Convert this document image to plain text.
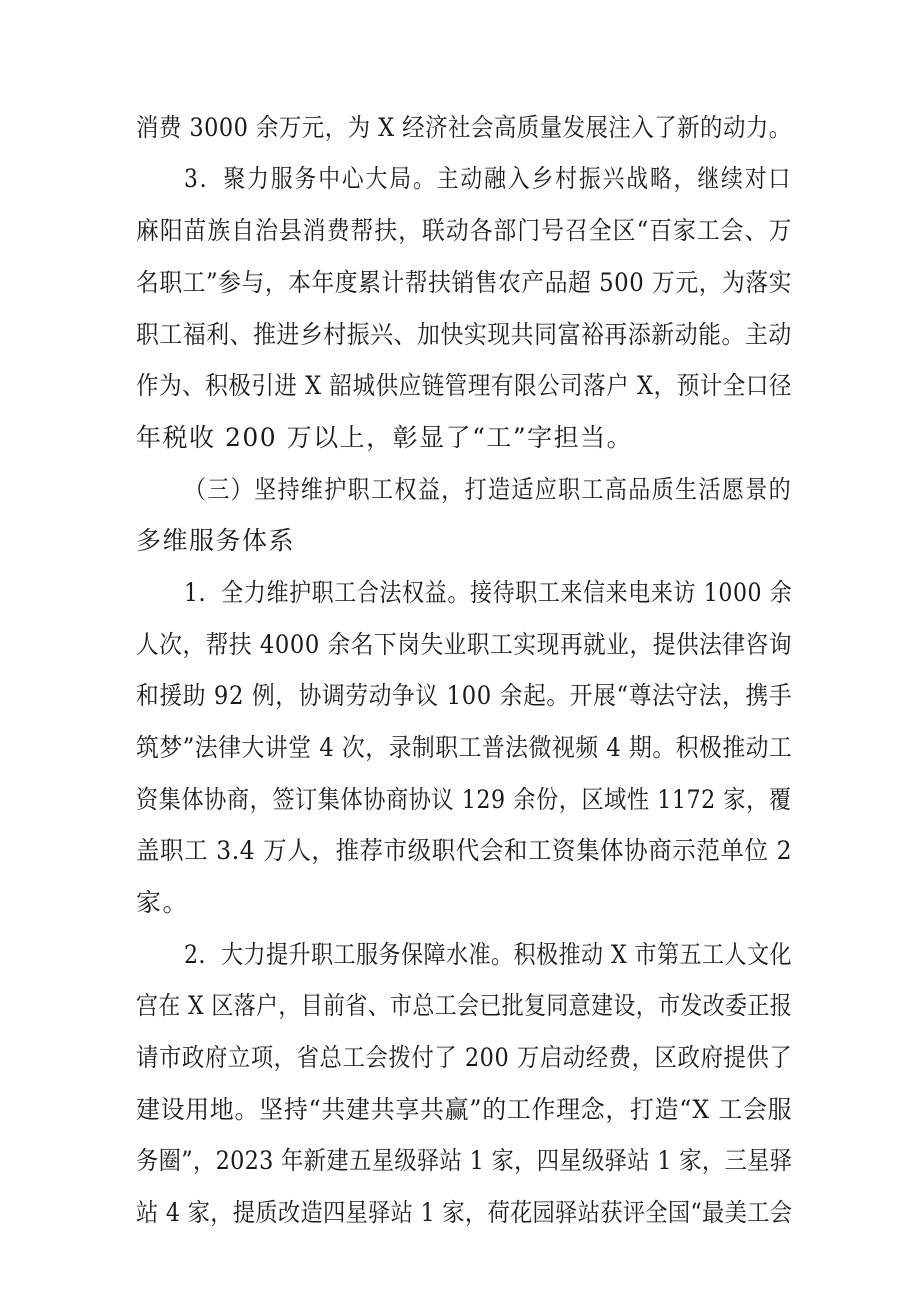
消费 3000 余万元，为 X 经济社会高质量发展注入了新的动力。
3．聚力服务中心大局。主动融入乡村振兴战略，继续对口
麻阳苗族自治县消费帮扶，联动各部门号召全区“百家工会、万
名职工”参与，本年度累计帮扶销售农产品超 500 万元，为落实
职工福利、推进乡村振兴、加快实现共同富裕再添新动能。主动
作为、积极引进 X 韶城供应链管理有限公司落户 X，预计全口径
年税收 200 万以上，彰显了“工”字担当。
（三）坚持维护职工权益，打造适应职工高品质生活愿景的
多维服务体系
1．全力维护职工合法权益。接待职工来信来电来访 1000 余
人次，帮扶 4000 余名下岗失业职工实现再就业，提供法律咨询
和援助 92 例，协调劳动争议 100 余起。开展“尊法守法，携手
筑梦”法律大讲堂 4 次，录制职工普法微视频 4 期。积极推动工
资集体协商，签订集体协商协议 129 余份，区域性 1172 家，覆
盖职工 3.4 万人，推荐市级职代会和工资集体协商示范单位 2
家。
2．大力提升职工服务保障水准。积极推动 X 市第五工人文化
宫在 X 区落户，目前省、市总工会已批复同意建设，市发改委正报
请市政府立项，省总工会拨付了 200 万启动经费，区政府提供了
建设用地。坚持“共建共享共赢”的工作理念，打造“X 工会服
务圈”，2023 年新建五星级驿站 1 家，四星级驿站 1 家，三星驿
站 4 家，提质改造四星驿站 1 家，荷花园驿站获评全国“最美工会
